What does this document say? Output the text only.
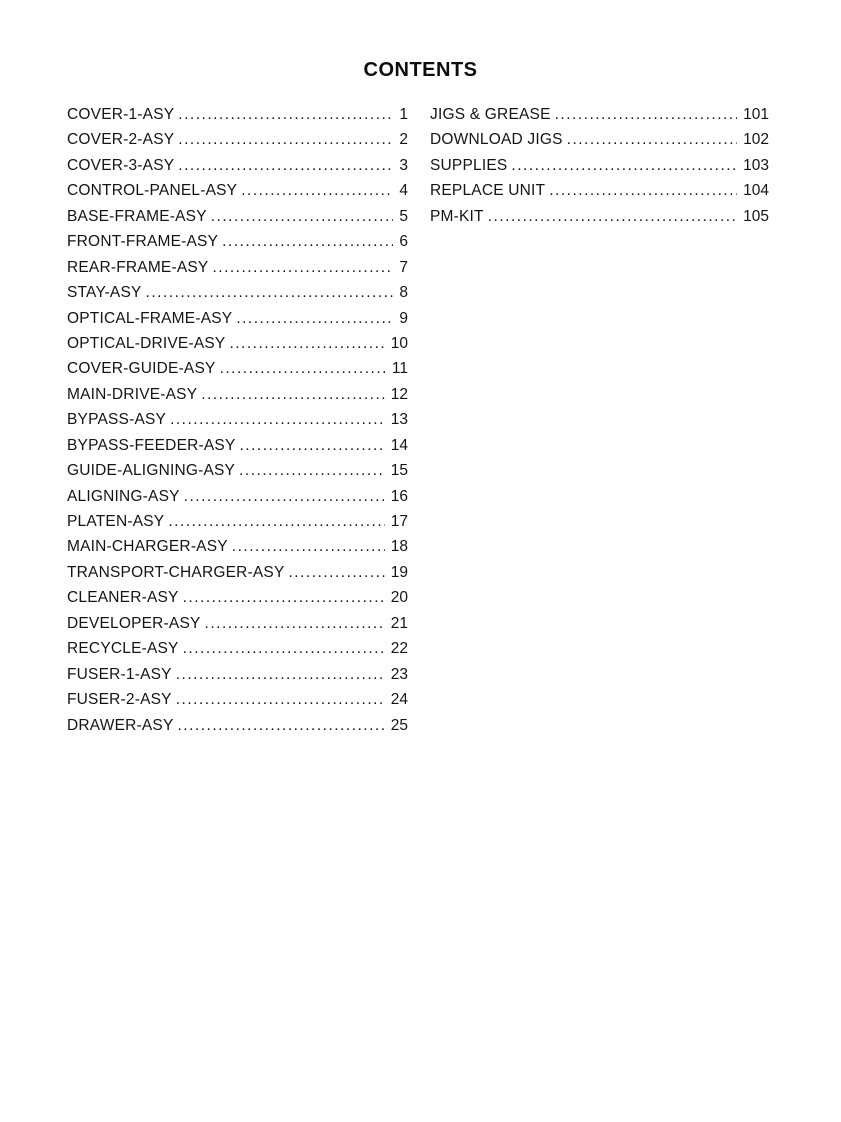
CONTENTS
COVER-1-ASY .....	1
COVER-2-ASY .....	2
COVER-3-ASY .....	3
CONTROL-PANEL-ASY .....	4
BASE-FRAME-ASY .....	5
FRONT-FRAME-ASY .....	6
REAR-FRAME-ASY .....	7
STAY-ASY .....	8
OPTICAL-FRAME-ASY .....	9
OPTICAL-DRIVE-ASY .....	10
COVER-GUIDE-ASY .....	11
MAIN-DRIVE-ASY .....	12
BYPASS-ASY .....	13
BYPASS-FEEDER-ASY .....	14
GUIDE-ALIGNING-ASY .....	15
ALIGNING-ASY .....	16
PLATEN-ASY .....	17
MAIN-CHARGER-ASY .....	18
TRANSPORT-CHARGER-ASY .....	19
CLEANER-ASY .....	20
DEVELOPER-ASY .....	21
RECYCLE-ASY .....	22
FUSER-1-ASY .....	23
FUSER-2-ASY .....	24
DRAWER-ASY .....	25
JIGS & GREASE .....	101
DOWNLOAD JIGS .....	102
SUPPLIES .....	103
REPLACE UNIT .....	104
PM-KIT .....	105
